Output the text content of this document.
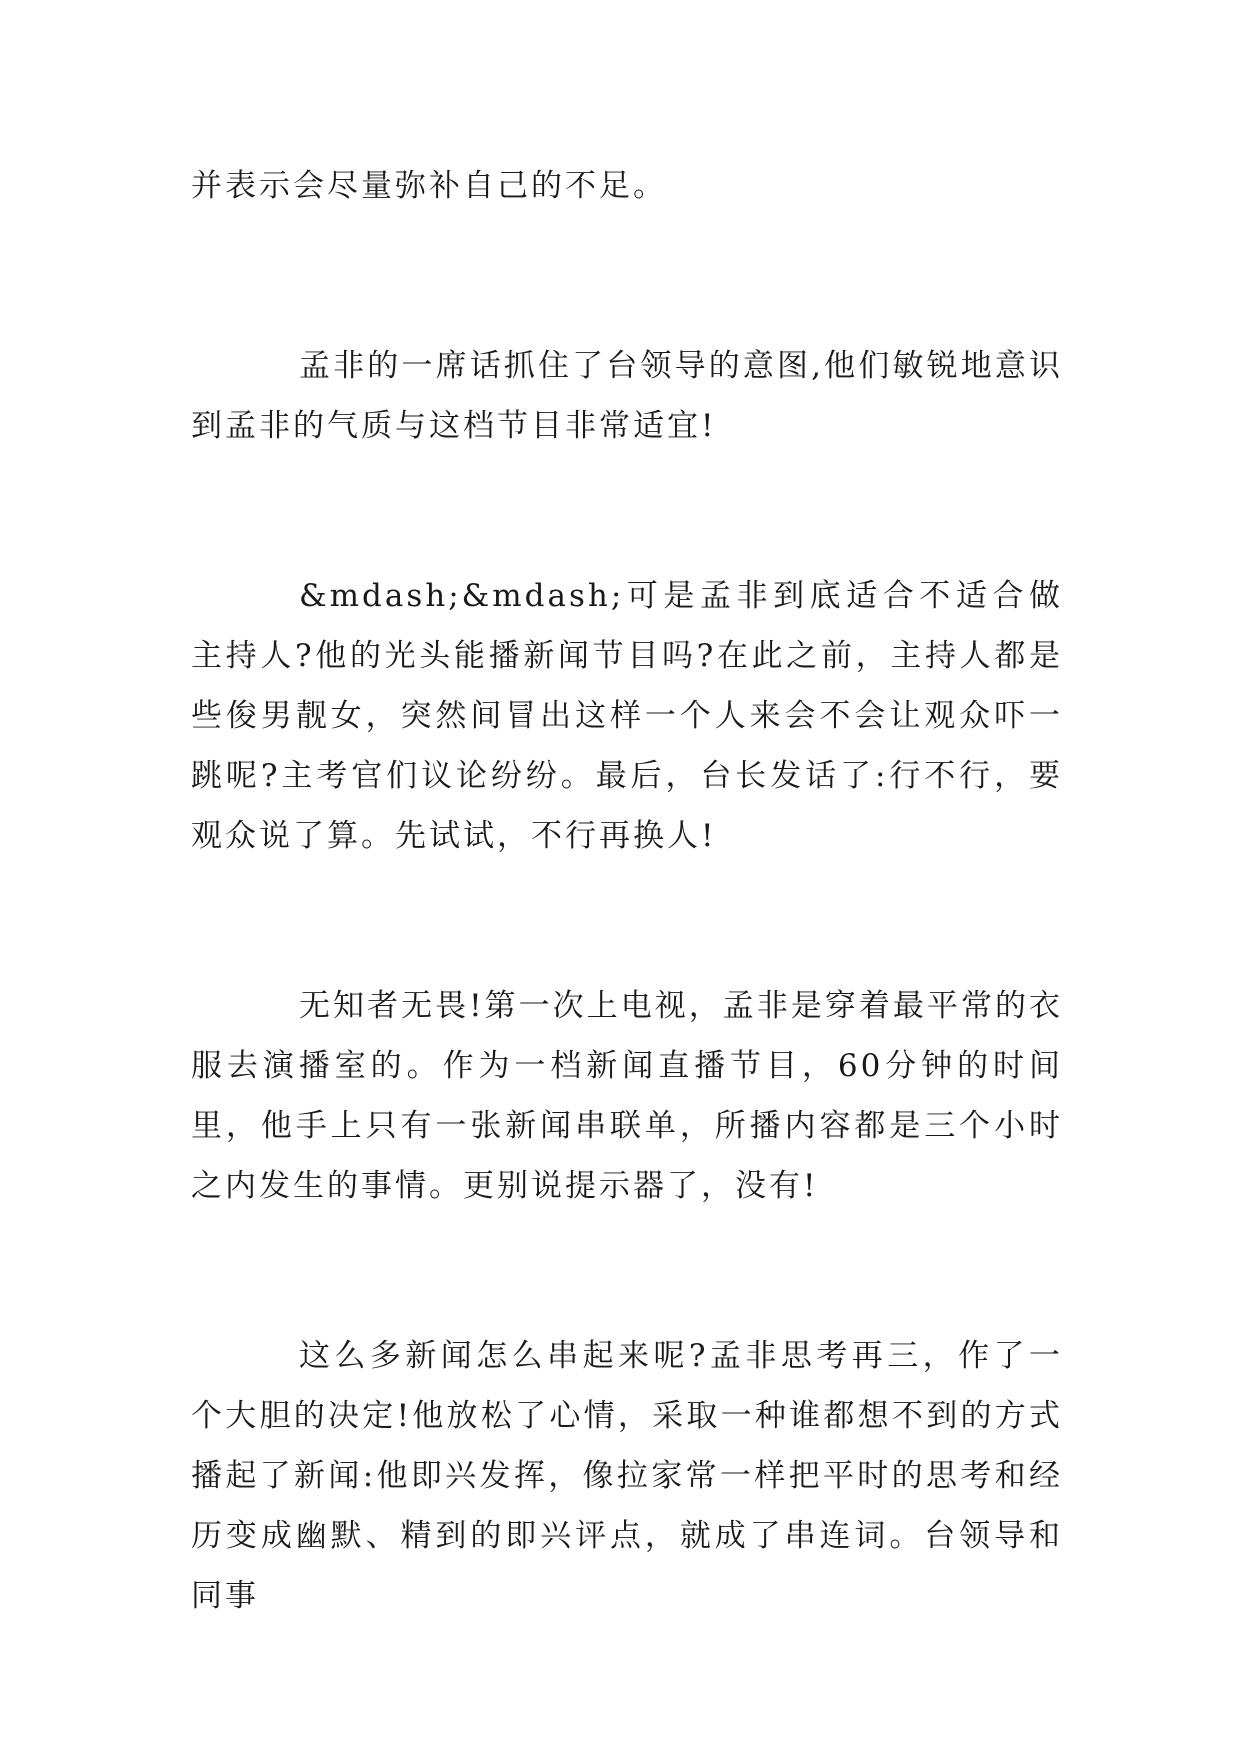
并表示会尽量弥补自己的不足。

孟非的一席话抓住了台领导的意图,他们敏锐地意识到孟非的气质与这档节目非常适宜!

&mdash;&mdash;可是孟非到底适合不适合做主持人?他的光头能播新闻节目吗?在此之前，主持人都是些俊男靓女，突然间冒出这样一个人来会不会让观众吓一跳呢?主考官们议论纷纷。最后，台长发话了:行不行，要观众说了算。先试试，不行再换人!

无知者无畏!第一次上电视，孟非是穿着最平常的衣服去演播室的。作为一档新闻直播节目，60分钟的时间里，他手上只有一张新闻串联单，所播内容都是三个小时之内发生的事情。更别说提示器了，没有!

这么多新闻怎么串起来呢?孟非思考再三，作了一个大胆的决定!他放松了心情，采取一种谁都想不到的方式播起了新闻:他即兴发挥，像拉家常一样把平时的思考和经历变成幽默、精到的即兴评点，就成了串连词。台领导和同事
